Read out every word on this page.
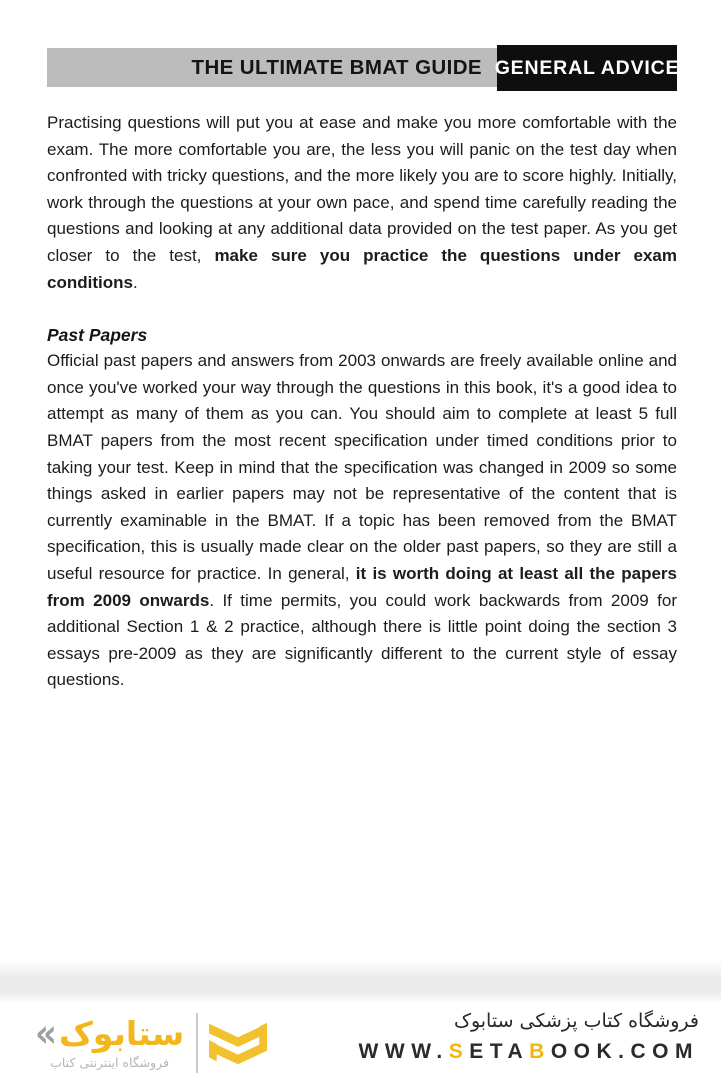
THE ULTIMATE BMAT GUIDE GENERAL ADVICE

Practising questions will put you at ease and make you more comfortable with the exam. The more comfortable you are, the less you will panic on the test day when confronted with tricky questions, and the more likely you are to score highly. Initially, work through the questions at your own pace, and spend time carefully reading the questions and looking at any additional data provided on the test paper. As you get closer to the test, make sure you practice the questions under exam conditions.

Past Papers

Official past papers and answers from 2003 onwards are freely available online and once you've worked your way through the questions in this book, it's a good idea to attempt as many of them as you can. You should aim to complete at least 5 full BMAT papers from the most recent specification under timed conditions prior to taking your test. Keep in mind that the specification was changed in 2009 so some things asked in earlier papers may not be representative of the content that is currently examinable in the BMAT. If a topic has been removed from the BMAT specification, this is usually made clear on the older past papers, so they are still a useful resource for practice. In general, it is worth doing at least all the papers from 2009 onwards. If time permits, you could work backwards from 2009 for additional Section 1 & 2 practice, although there is little point doing the section 3 essays pre-2009 as they are significantly different to the current style of essay questions.

« ستابوک
فروشگاه اینترنتی کتاب
فروشگاه کتاب پزشکی ستابوک
WWW.SETABOOK.COM
